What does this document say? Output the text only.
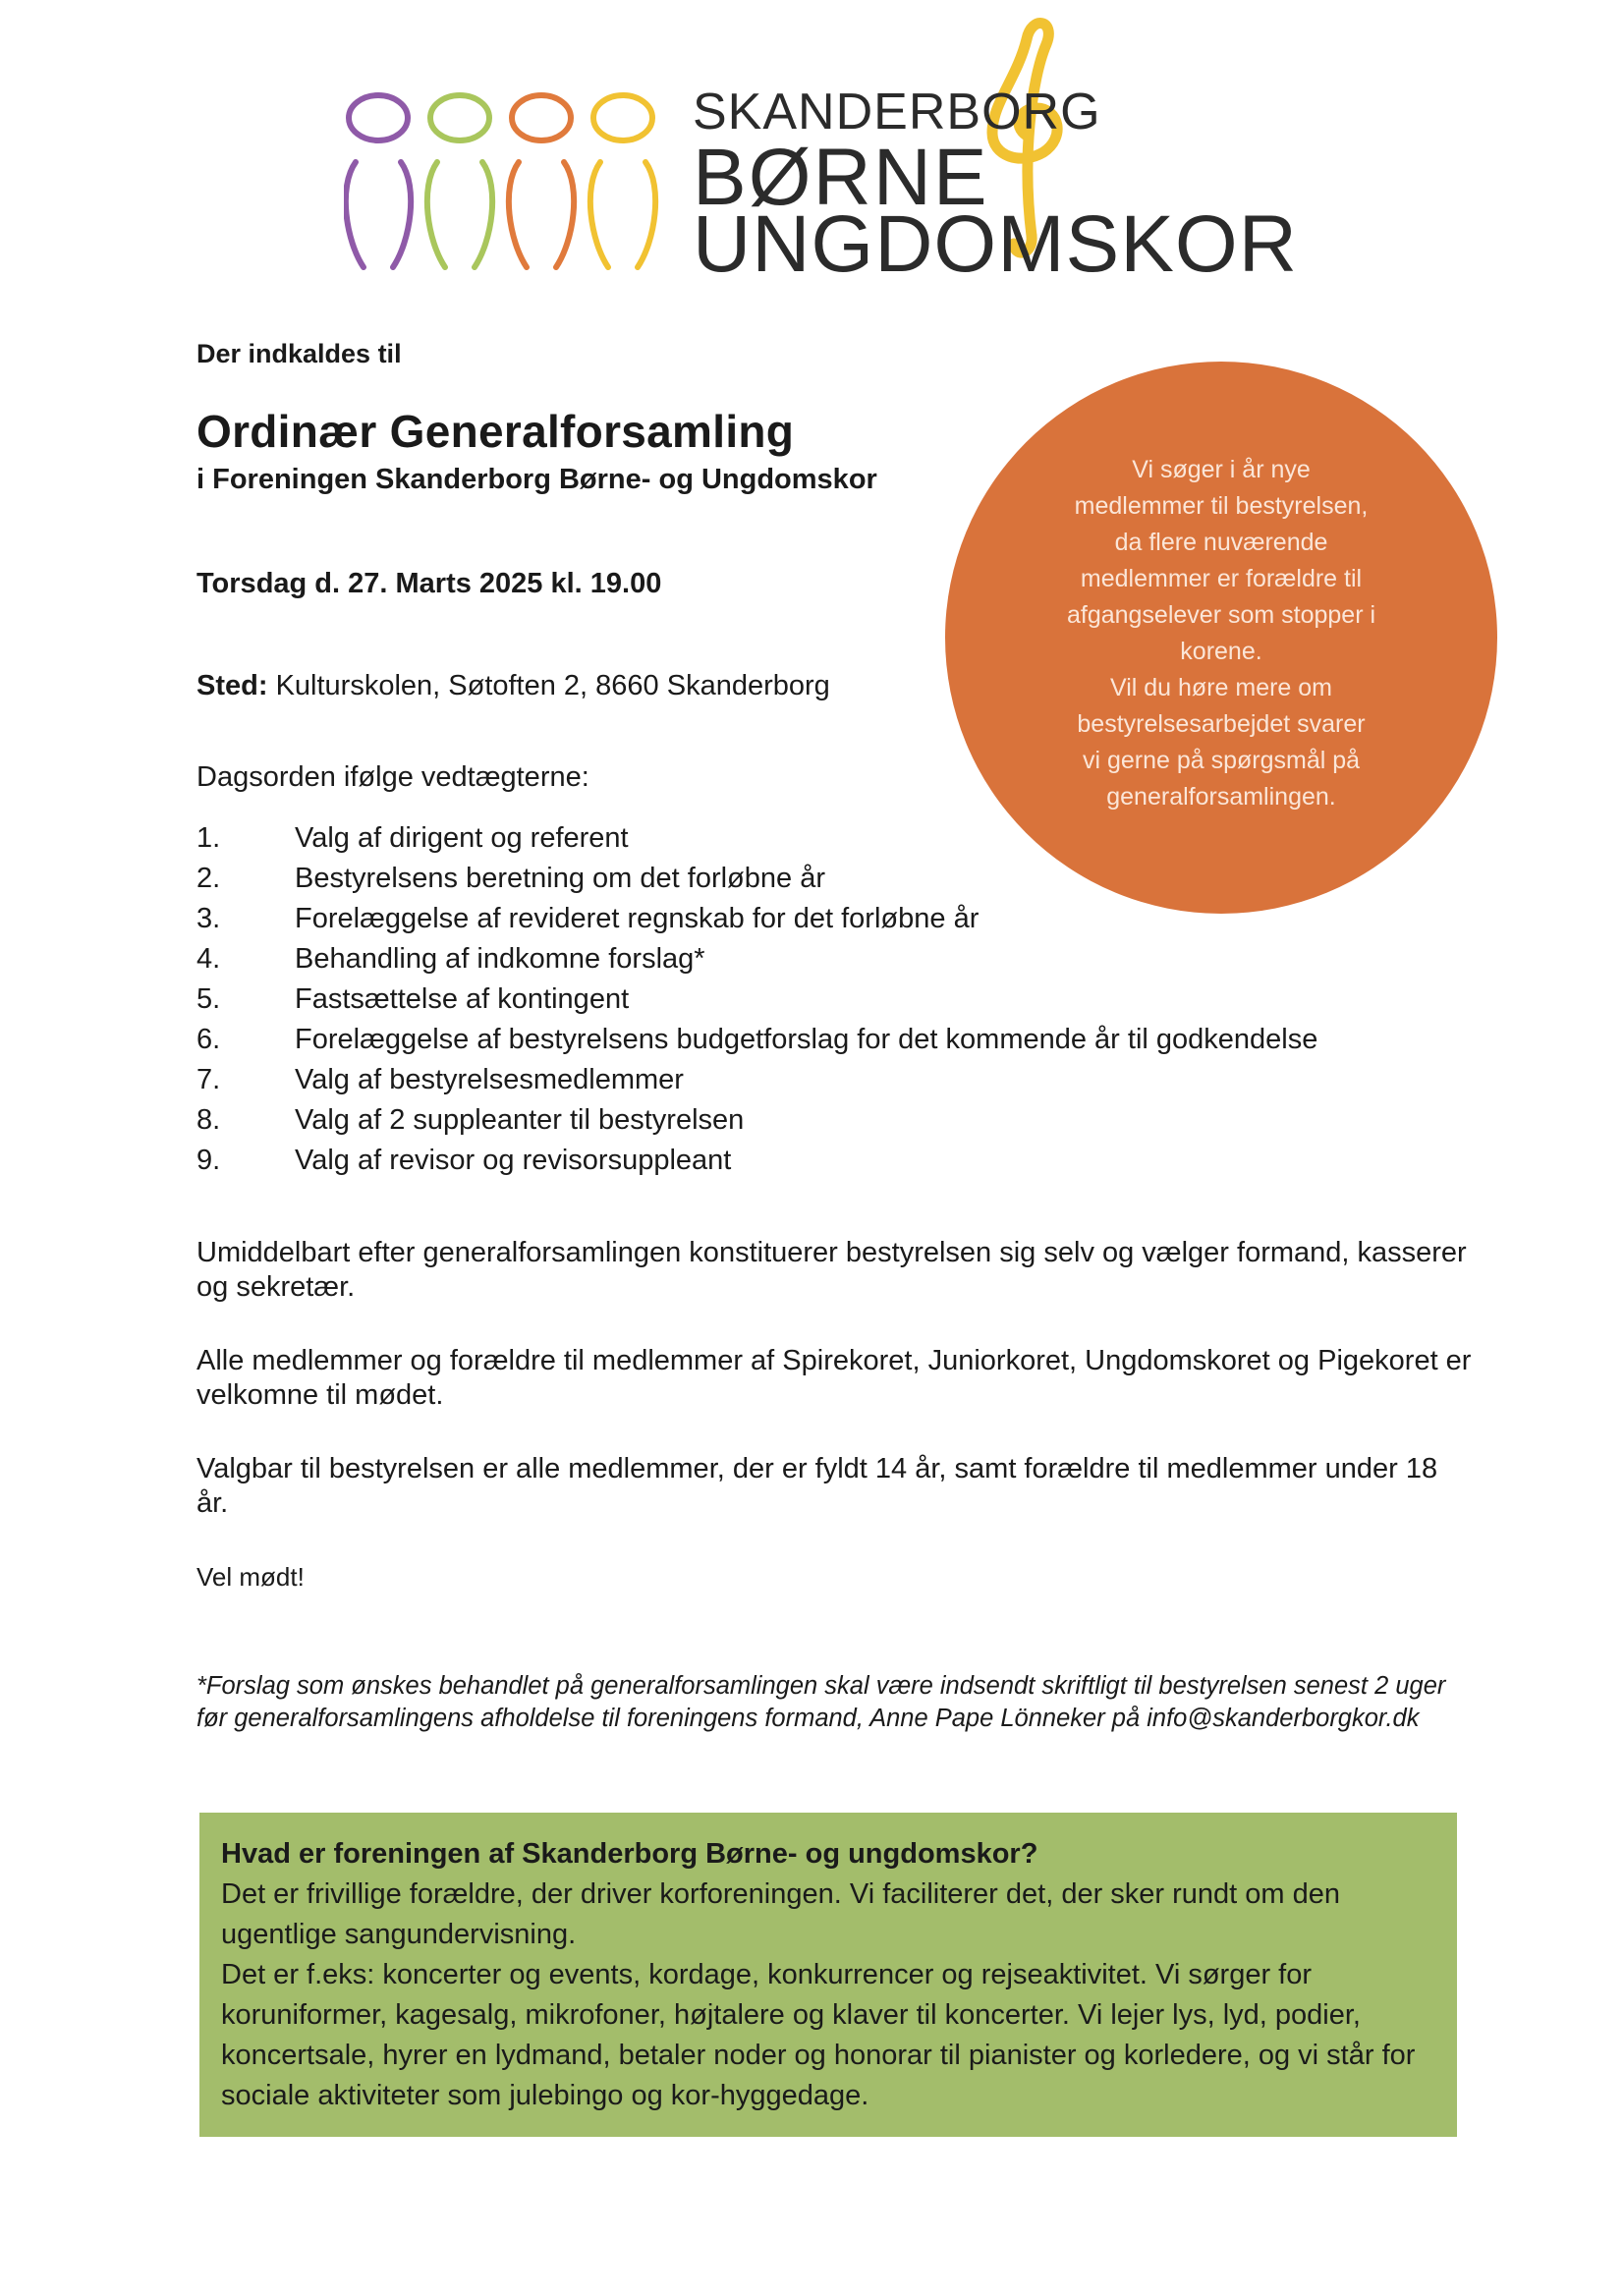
SKANDERBORG
BØRNE
UNGDOMSKOR
Der indkaldes til
Ordinær Generalforsamling
i Foreningen Skanderborg Børne- og Ungdomskor
Torsdag d. 27. Marts 2025 kl. 19.00
Sted: Kulturskolen, Søtoften 2, 8660 Skanderborg
Vi søger i år nye
medlemmer til bestyrelsen,
da flere nuværende
medlemmer er forældre til
afgangselever som stopper i
korene.
Vil du høre mere om
bestyrelsesarbejdet svarer
vi gerne på spørgsmål på
generalforsamlingen.
Dagsorden ifølge vedtægterne:
1.	Valg af dirigent og referent
2.	Bestyrelsens beretning om det forløbne år
3.	Forelæggelse af revideret regnskab for det forløbne år
4.	Behandling af indkomne forslag*
5.	Fastsættelse af kontingent
6.	Forelæggelse af bestyrelsens budgetforslag for det kommende år til godkendelse
7.	Valg af bestyrelsesmedlemmer
8.	Valg af 2 suppleanter til bestyrelsen
9.	Valg af revisor og revisorsuppleant
Umiddelbart efter generalforsamlingen konstituerer bestyrelsen sig selv og vælger formand, kasserer og sekretær.
Alle medlemmer og forældre til medlemmer af Spirekoret, Juniorkoret, Ungdomskoret og Pigekoret er velkomne til mødet.
Valgbar til bestyrelsen er alle medlemmer, der er fyldt 14 år, samt forældre til medlemmer under 18 år.
Vel mødt!
*Forslag som ønskes behandlet på generalforsamlingen skal være indsendt skriftligt til bestyrelsen senest 2 uger før generalforsamlingens afholdelse til foreningens formand, Anne Pape Lönneker på info@skanderborgkor.dk
Hvad er foreningen af Skanderborg Børne- og ungdomskor?
Det er frivillige forældre, der driver korforeningen. Vi faciliterer det, der sker rundt om den ugentlige sangundervisning.
Det er f.eks: koncerter og events, kordage, konkurrencer og rejseaktivitet. Vi sørger for koruniformer, kagesalg, mikrofoner, højtalere og klaver til koncerter. Vi lejer lys, lyd, podier, koncertsale, hyrer en lydmand, betaler noder og honorar til pianister og korledere, og vi står for sociale aktiviteter som julebingo og kor-hyggedage.
